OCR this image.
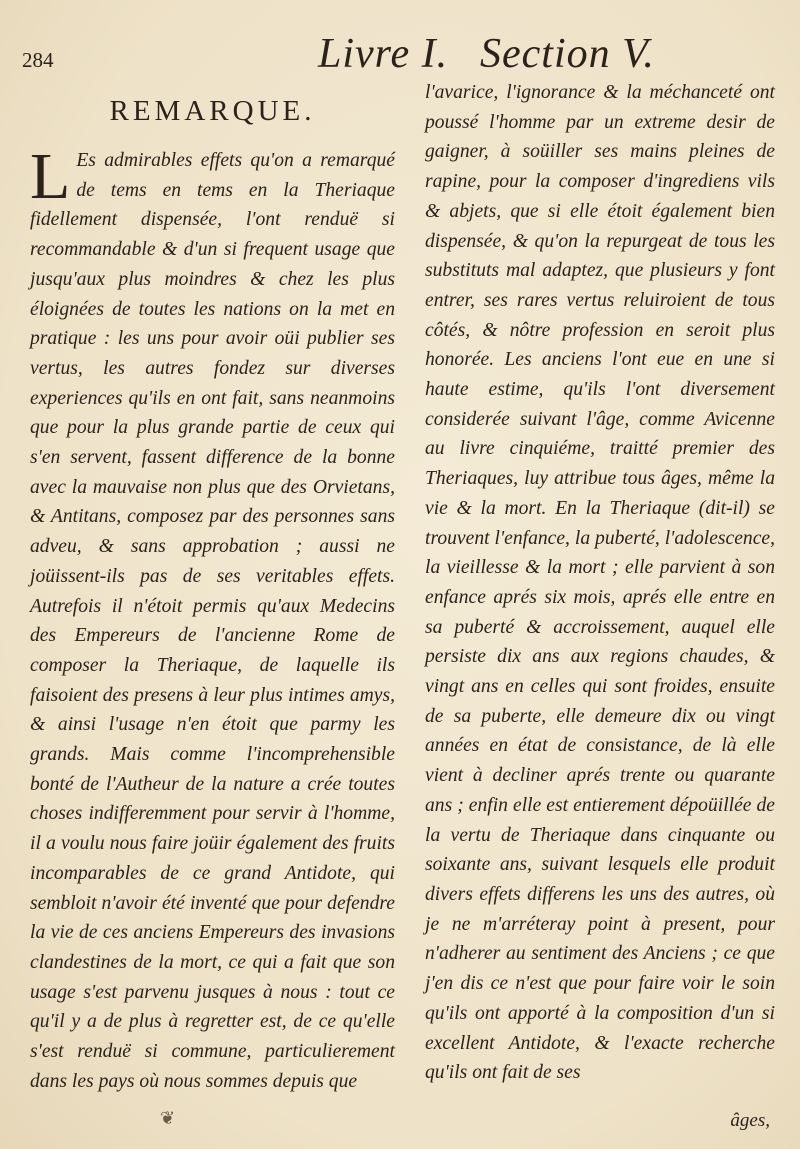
284	Livre I. Section V.
REMARQUE.

L Es admirables effets qu'on a remarqué de tems en tems en la Theriaque fidellement dispensée, l'ont renduë si recommandable & d'un si frequent usage que jusqu'aux plus moindres & chez les plus éloignées de toutes les nations on la met en pratique : les uns pour avoir oüi publier ses vertus, les autres fondez sur diverses experiences qu'ils en ont fait, sans neanmoins que pour la plus grande partie de ceux qui s'en servent, fassent difference de la bonne avec la mauvaise non plus que des Orvietans, & Antitans, composez par des personnes sans adveu, & sans approbation ; aussi ne joüissent-ils pas de ses veritables effets. Autrefois il n'étoit permis qu'aux Medecins des Empereurs de l'ancienne Rome de composer la Theriaque, de laquelle ils faisoient des presens à leur plus intimes amys, & ainsi l'usage n'en étoit que parmy les grands. Mais comme l'incomprehensible bonté de l'Autheur de la nature a crée toutes choses indifferemment pour servir à l'homme, il a voulu nous faire joüir également des fruits incomparables de ce grand Antidote, qui sembloit n'avoir été inventé que pour defendre la vie de ces anciens Empereurs des invasions clandestines de la mort, ce qui a fait que son usage s'est parvenu jusques à nous : tout ce qu'il y a de plus à regretter est, de ce qu'elle s'est renduë si commune, particulierement dans les pays où nous sommes depuis que

l'avarice, l'ignorance & la méchanceté ont poussé l'homme par un extreme desir de gaigner, à soüiller ses mains pleines de rapine, pour la composer d'ingrediens vils & abjets, que si elle étoit également bien dispensée, & qu'on la repurgeat de tous les substituts mal adaptez, que plusieurs y font entrer, ses rares vertus reluiroient de tous côtés, & nôtre profession en seroit plus honorée. Les anciens l'ont eue en une si haute estime, qu'ils l'ont diversement considerée suivant l'âge, comme Avicenne au livre cinquiéme, traitté premier des Theriaques, luy attribue tous âges, même la vie & la mort. En la Theriaque (dit-il) se trouvent l'enfance, la puberté, l'adolescence, la vieillesse & la mort ; elle parvient à son enfance aprés six mois, aprés elle entre en sa puberté & accroissement, auquel elle persiste dix ans aux regions chaudes, & vingt ans en celles qui sont froides, ensuite de sa puberte, elle demeure dix ou vingt années en état de consistance, de là elle vient à decliner aprés trente ou quarante ans ; enfin elle est entierement dépoüillée de la vertu de Theriaque dans cinquante ou soixante ans, suivant lesquels elle produit divers effets differens les uns des autres, où je ne m'arréteray point à present, pour n'adherer au sentiment des Anciens ; ce que j'en dis ce n'est que pour faire voir le soin qu'ils ont apporté à la composition d'un si excellent Antidote, & l'exacte recherche qu'ils ont fait de ses

❦	âges,
